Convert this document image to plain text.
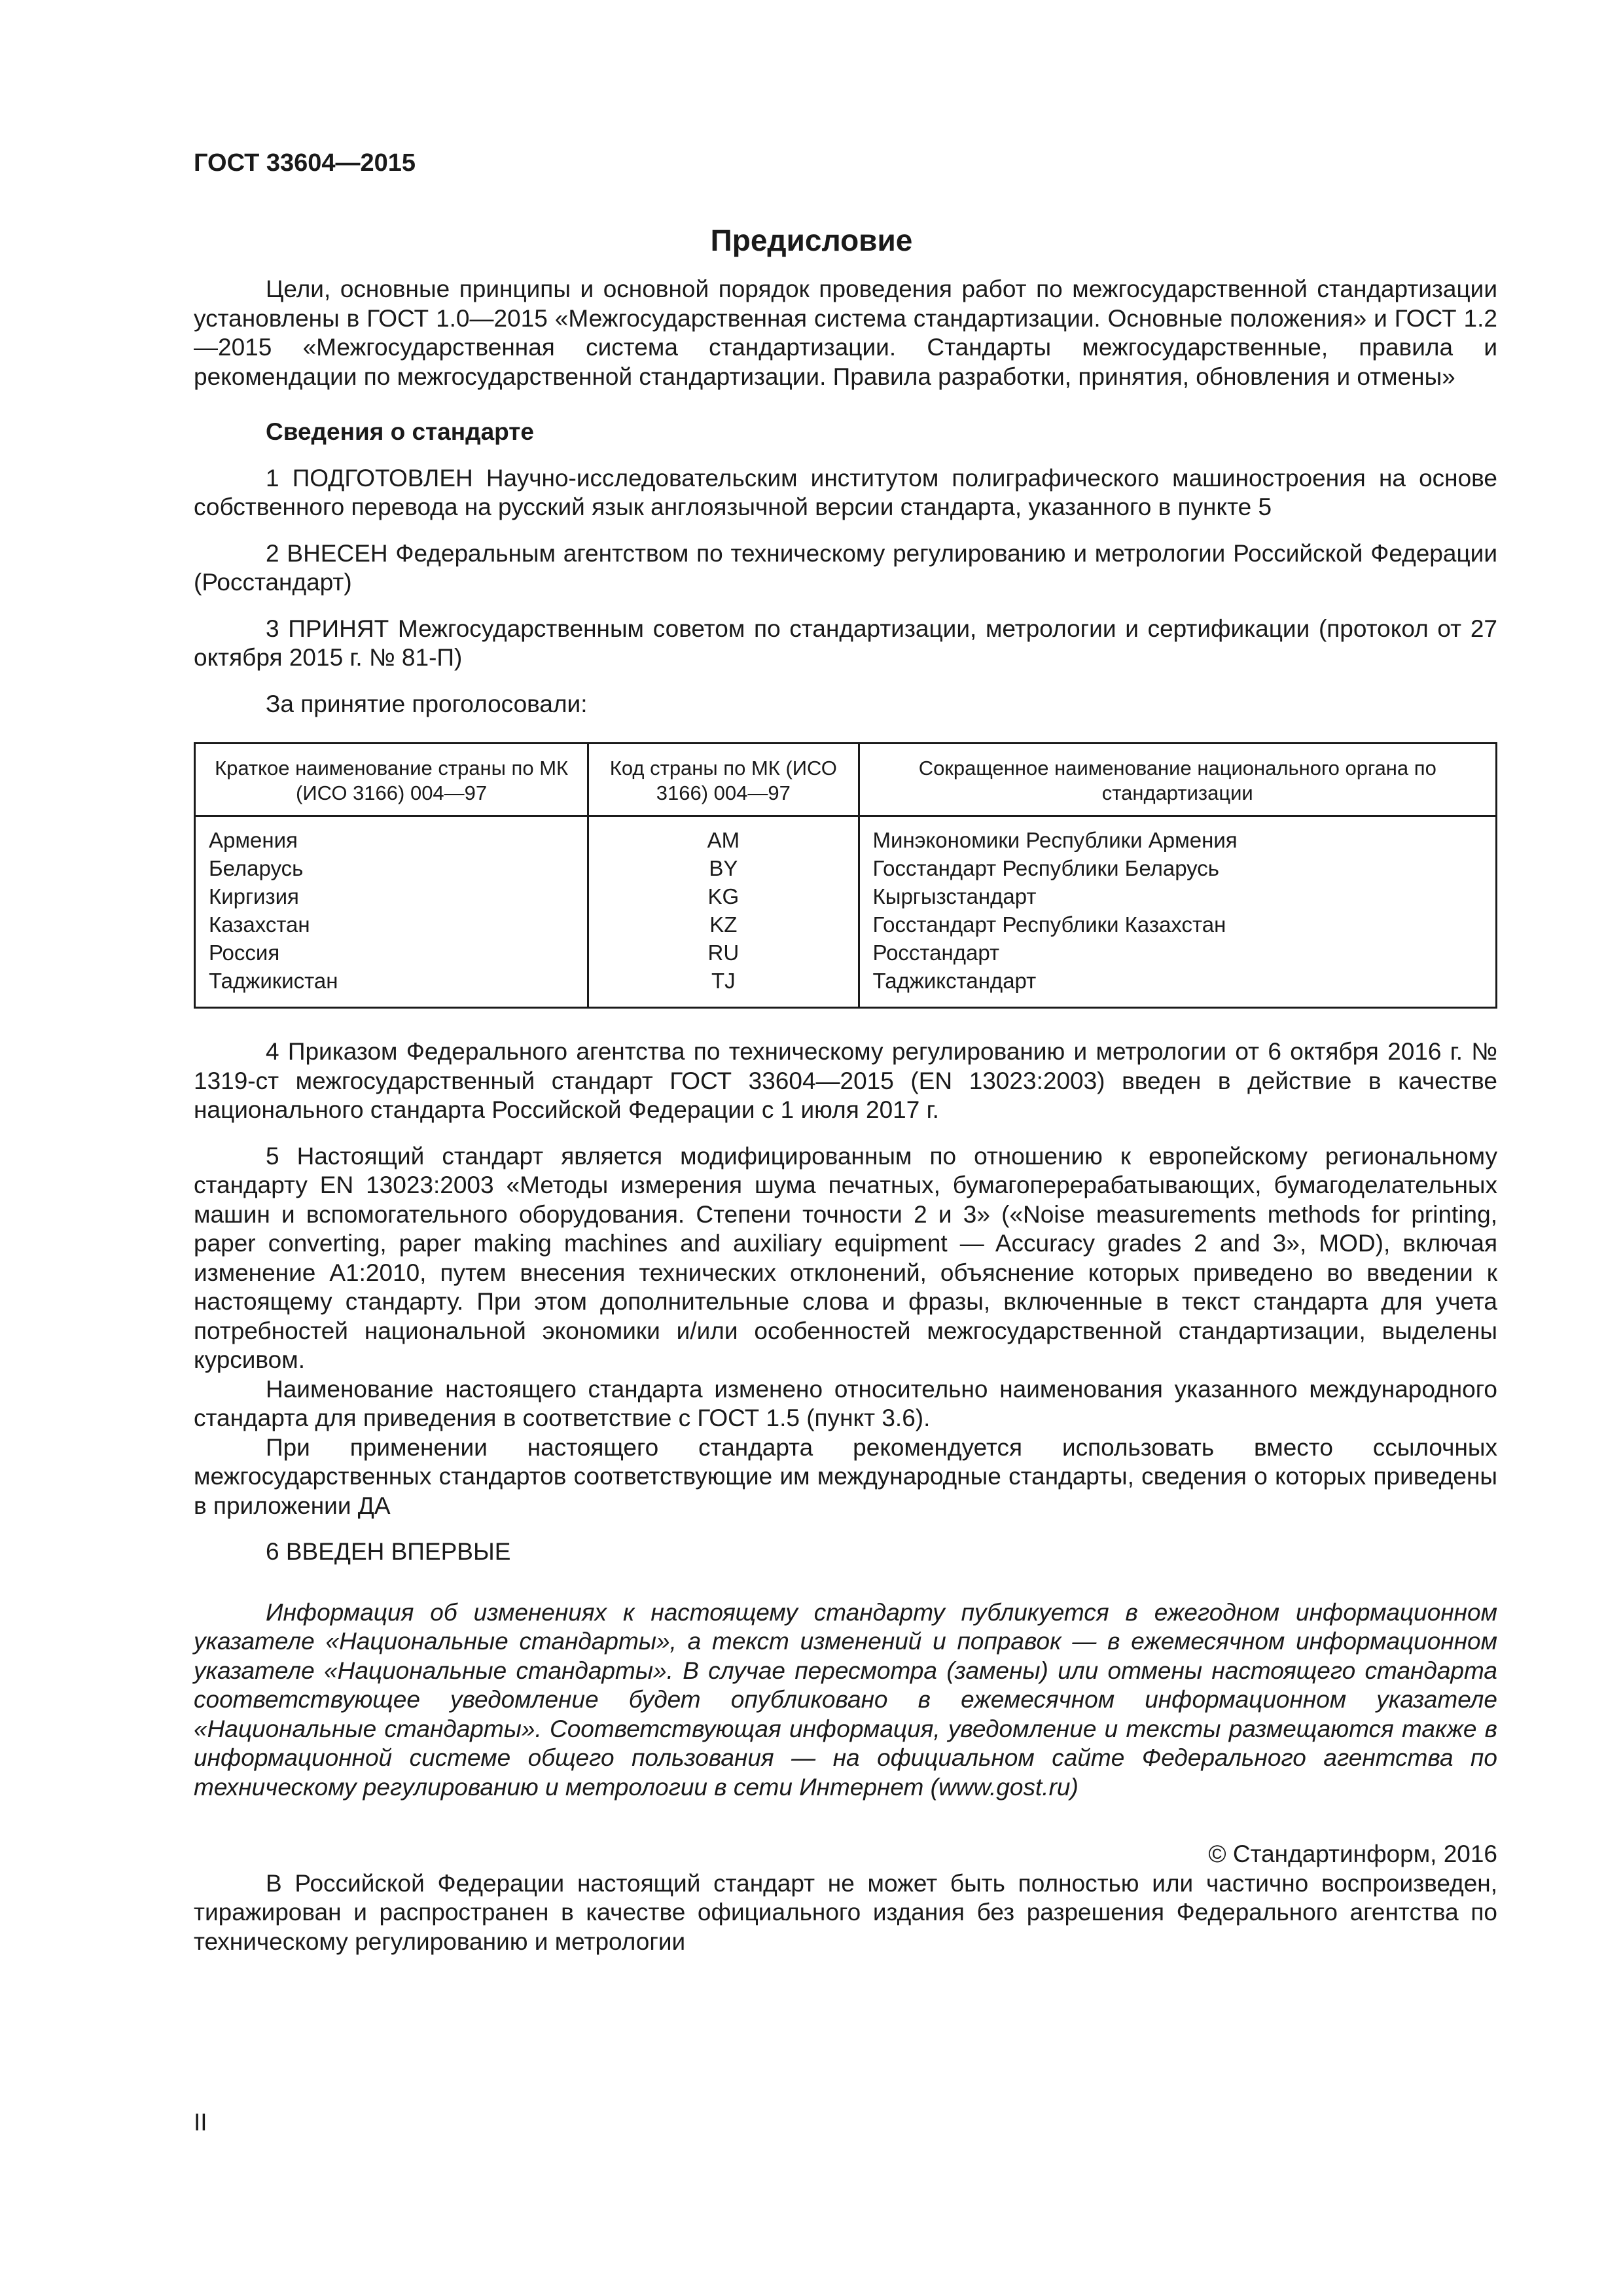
ГОСТ 33604—2015
Предисловие

Цели, основные принципы и основной порядок проведения работ по межгосударственной стандартизации установлены в ГОСТ 1.0—2015 «Межгосударственная система стандартизации. Основные положения» и ГОСТ 1.2—2015 «Межгосударственная система стандартизации. Стандарты межгосударственные, правила и рекомендации по межгосударственной стандартизации. Правила разработки, принятия, обновления и отмены»

Сведения о стандарте

1 ПОДГОТОВЛЕН Научно-исследовательским институтом полиграфического машиностроения на основе собственного перевода на русский язык англоязычной версии стандарта, указанного в пункте 5

2 ВНЕСЕН Федеральным агентством по техническому регулированию и метрологии Российской Федерации (Росстандарт)

3 ПРИНЯТ Межгосударственным советом по стандартизации, метрологии и сертификации (протокол от 27 октября 2015 г. № 81-П)

За принятие проголосовали:

Краткое наименование страны по МК (ИСО 3166) 004—97	Код страны по МК (ИСО 3166) 004—97	Сокращенное наименование национального органа по стандартизации
Армения	AM	Минэкономики Республики Армения
Беларусь	BY	Госстандарт Республики Беларусь
Киргизия	KG	Кыргызстандарт
Казахстан	KZ	Госстандарт Республики Казахстан
Россия	RU	Росстандарт
Таджикистан	TJ	Таджикстандарт

4 Приказом Федерального агентства по техническому регулированию и метрологии от 6 октября 2016 г. № 1319-ст межгосударственный стандарт ГОСТ 33604—2015 (EN 13023:2003) введен в действие в качестве национального стандарта Российской Федерации с 1 июля 2017 г.

5 Настоящий стандарт является модифицированным по отношению к европейскому региональному стандарту EN 13023:2003 «Методы измерения шума печатных, бумагоперерабатывающих, бумагоделательных машин и вспомогательного оборудования. Степени точности 2 и 3» («Noise measurements methods for printing, paper converting, paper making machines and auxiliary equipment — Accuracy grades 2 and 3», MOD), включая изменение A1:2010, путем внесения технических отклонений, объяснение которых приведено во введении к настоящему стандарту. При этом дополнительные слова и фразы, включенные в текст стандарта для учета потребностей национальной экономики и/или особенностей межгосударственной стандартизации, выделены курсивом.

Наименование настоящего стандарта изменено относительно наименования указанного международного стандарта для приведения в соответствие с ГОСТ 1.5 (пункт 3.6).

При применении настоящего стандарта рекомендуется использовать вместо ссылочных межгосударственных стандартов соответствующие им международные стандарты, сведения о которых приведены в приложении ДА

6 ВВЕДЕН ВПЕРВЫЕ

Информация об изменениях к настоящему стандарту публикуется в ежегодном информационном указателе «Национальные стандарты», а текст изменений и поправок — в ежемесячном информационном указателе «Национальные стандарты». В случае пересмотра (замены) или отмены настоящего стандарта соответствующее уведомление будет опубликовано в ежемесячном информационном указателе «Национальные стандарты». Соответствующая информация, уведомление и тексты размещаются также в информационной системе общего пользования — на официальном сайте Федерального агентства по техническому регулированию и метрологии в сети Интернет (www.gost.ru)

© Стандартинформ, 2016

В Российской Федерации настоящий стандарт не может быть полностью или частично воспроизведен, тиражирован и распространен в качестве официального издания без разрешения Федерального агентства по техническому регулированию и метрологии

II
